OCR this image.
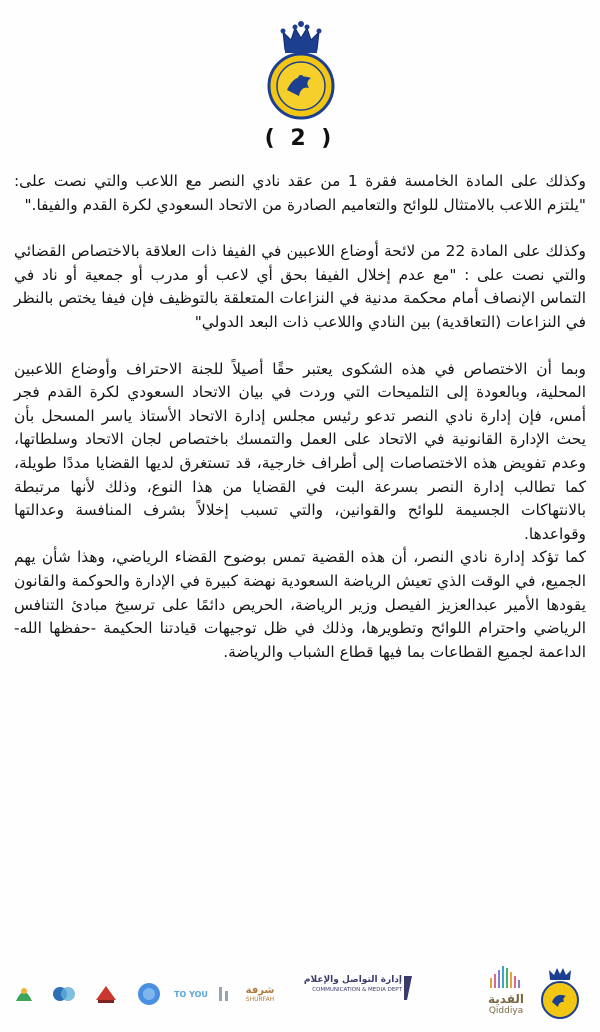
( 2 )

وكذلك على المادة الخامسة فقرة 1 من عقد نادي النصر مع اللاعب والتي نصت على: "يلتزم اللاعب بالامتثال للوائح والتعاميم الصادرة من الاتحاد السعودي لكرة القدم والفيفا."

وكذلك على المادة 22 من لائحة أوضاع اللاعبين في الفيفا ذات العلاقة بالاختصاص القضائي والتي نصت على : "مع عدم إخلال الفيفا بحق أي لاعب أو مدرب أو جمعية أو ناد في التماس الإنصاف أمام محكمة مدنية في النزاعات المتعلقة بالتوظيف فإن فيفا يختص بالنظر في النزاعات (التعاقدية) بين النادي واللاعب ذات البعد الدولي"

وبما أن الاختصاص في هذه الشكوى يعتبر حقًا أصيلاً للجنة الاحتراف وأوضاع اللاعبين المحلية، وبالعودة إلى التلميحات التي وردت في بيان الاتحاد السعودي لكرة القدم فجر أمس، فإن إدارة نادي النصر تدعو رئيس مجلس إدارة الاتحاد الأستاذ ياسر المسحل بأن يحث الإدارة القانونية في الاتحاد على العمل والتمسك باختصاص لجان الاتحاد وسلطاتها، وعدم تفويض هذه الاختصاصات إلى أطراف خارجية، قد تستغرق لديها القضايا مددًا طويلة، كما تطالب إدارة النصر بسرعة البت في القضايا من هذا النوع، وذلك لأنها مرتبطة بالانتهاكات الجسيمة للوائح والقوانين، والتي تسبب إخلالاً بشرف المنافسة وعدالتها وقواعدها.

كما تؤكد إدارة نادي النصر، أن هذه القضية تمس بوضوح القضاء الرياضي، وهذا شأن يهم الجميع، في الوقت الذي تعيش الرياضة السعودية نهضة كبيرة في الإدارة والحوكمة والقانون يقودها الأمير عبدالعزيز الفيصل وزير الرياضة، الحريص دائمًا على ترسيخ مبادئ التنافس الرياضي واحترام اللوائح وتطويرها، وذلك في ظل توجيهات قيادتنا الحكيمة -حفظها الله- الداعمة لجميع القطاعات بما فيها قطاع الشباب والرياضة.

القدية
Qiddiya
إدارة التواصل والإعلام
COMMUNICATION & MEDIA DEPT
شرفة
SHURFAH
TO YOU
